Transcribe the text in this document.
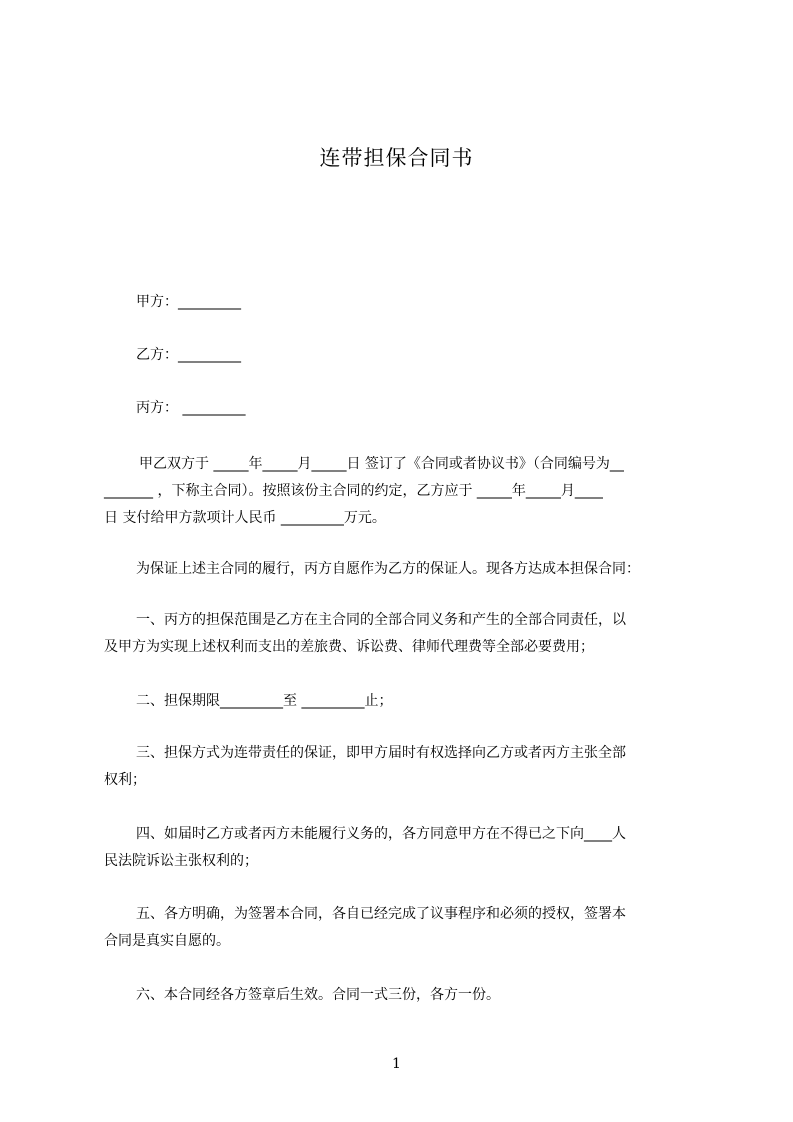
连带担保合同书
甲方：_________
乙方：_________
丙方： _________
甲乙双方于 _____年_____月_____日 签订了《合同或者协议书》（合同编号为__
_______ ，下称主合同）。按照该份主合同的约定，乙方应于 _____年_____月____
日 支付给甲方款项计人民币 _________万元。
为保证上述主合同的履行，丙方自愿作为乙方的保证人。现各方达成本担保合同：
一、丙方的担保范围是乙方在主合同的全部合同义务和产生的全部合同责任，以
及甲方为实现上述权利而支出的差旅费、诉讼费、律师代理费等全部必要费用；
二、担保期限_________至 _________止；
三、担保方式为连带责任的保证，即甲方届时有权选择向乙方或者丙方主张全部
权利；
四、如届时乙方或者丙方未能履行义务的，各方同意甲方在不得已之下向____人
民法院诉讼主张权利的；
五、各方明确，为签署本合同，各自已经完成了议事程序和必须的授权，签署本
合同是真实自愿的。
六、本合同经各方签章后生效。合同一式三份，各方一份。
1
